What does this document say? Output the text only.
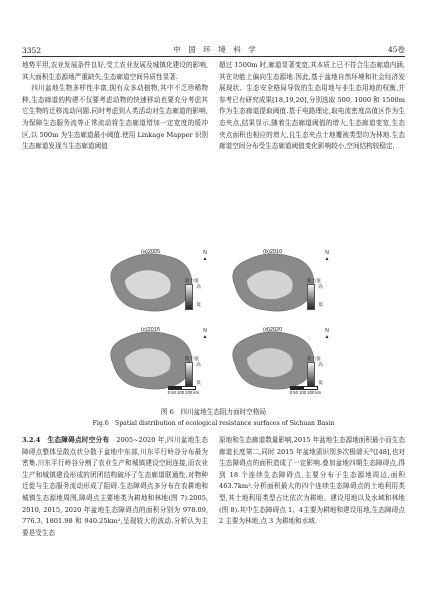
3352	中　国　环　境　科　学	45卷

地势平坦,农业发展条件良好,受工农业发展及城镇化建设的影响,其大面积生态源地严重缺失,生态廊道空间异质性显著.

四川盆地生物多样性丰富,拥有众多动植物,其中不乏珍稀物种,生态廊道的构建不仅要考虑动物的快速移动也要充分考虑其它生物的迁移流动问题.同时考虑到人类活动对生态廊道的影响,为保障生态服务流等正常流动将生态廊道增加一定宽度的缓冲区,以 500m 为生态廊道最小阈值.使用 Linkage Mapper 识别生态廊道发现当生态廊道阈值

超过 1500m 时,廊道显著变宽,其本质上已不符合生态廊道内涵,其在功能上偏向生态源地.因此,基于盆地自然环境和社会经济发展现状、生态安全格局导致的生态用地与非生态用地的权衡,并参考已有研究成果[18,19,20],分别选取 500, 1000 和 1500m 作为生态廊道提取阈值.基于电路理论,取电流密度高值区作为生态夹点,结果显示,随着生态廊道阈值的增大,生态廊道变宽,生态夹点面积也相应的增大,且生态夹点土地覆被类型均为林地.生态廊道空间分布受生态廊道阈值变化影响较小,空间结构较稳定.

(a)2005
阻力值
高

低
N
▲
(b)2010
阻力值
高

低
N
▲
(c)2015
阻力值
高

低
N
▲
0 50 100 200 km
(d)2020
阻力值
高

低
N
▲
0 50 100 200 km
图 6　四川盆地生态阻力面时空格局
Fig.6　Spatial distribution of ecological resistance surfaces of Sichuan Basin

3.2.4　 生态障碍点时空分布　 2005~2020 年,四川盆地生态障碍点整体呈散点状分散于盆地中东部,川东平行岭谷分布最为密集.川东平行岭谷分割了农业生产和城镇建设空间连接,而农业生产和城镇建设形成的团团结构破坏了生态廊道联通性,对物种迁徙与生态服务流动形成了阻碍.生态障碍点多分布在农耕地和城镇生态源地周围,障碍点主要地类为耕地和林地(图 7).2005, 2010, 2015, 2020 年盆地生态障碍点的面积分别为 978.09, 776.3, 1801.98 和 940.25km²,呈现较大的波动.分析认为主要是受生态

原地和生态廊道数量影响,2015 年盆地生态源地面积最小而生态廊道长度第二,同时 2015 年盆地需识别多次极端天气[48],也对生态障碍点的面积造成了一定影响.叠加盆地四期生态障碍点,得到 18 个连续生态障碍点,主要分布于生态源地周边,面积 463.7km².分析面积最大的四个连续生态障碍点的土地利用类型,其土地利用类型占比依次为耕地、建设用地以及水域和林地(图 8).其中生态障碍点 1、4主要为耕地和建设用地,生态障碍点 2 主要为林地,点 3 为耕地和水域.
